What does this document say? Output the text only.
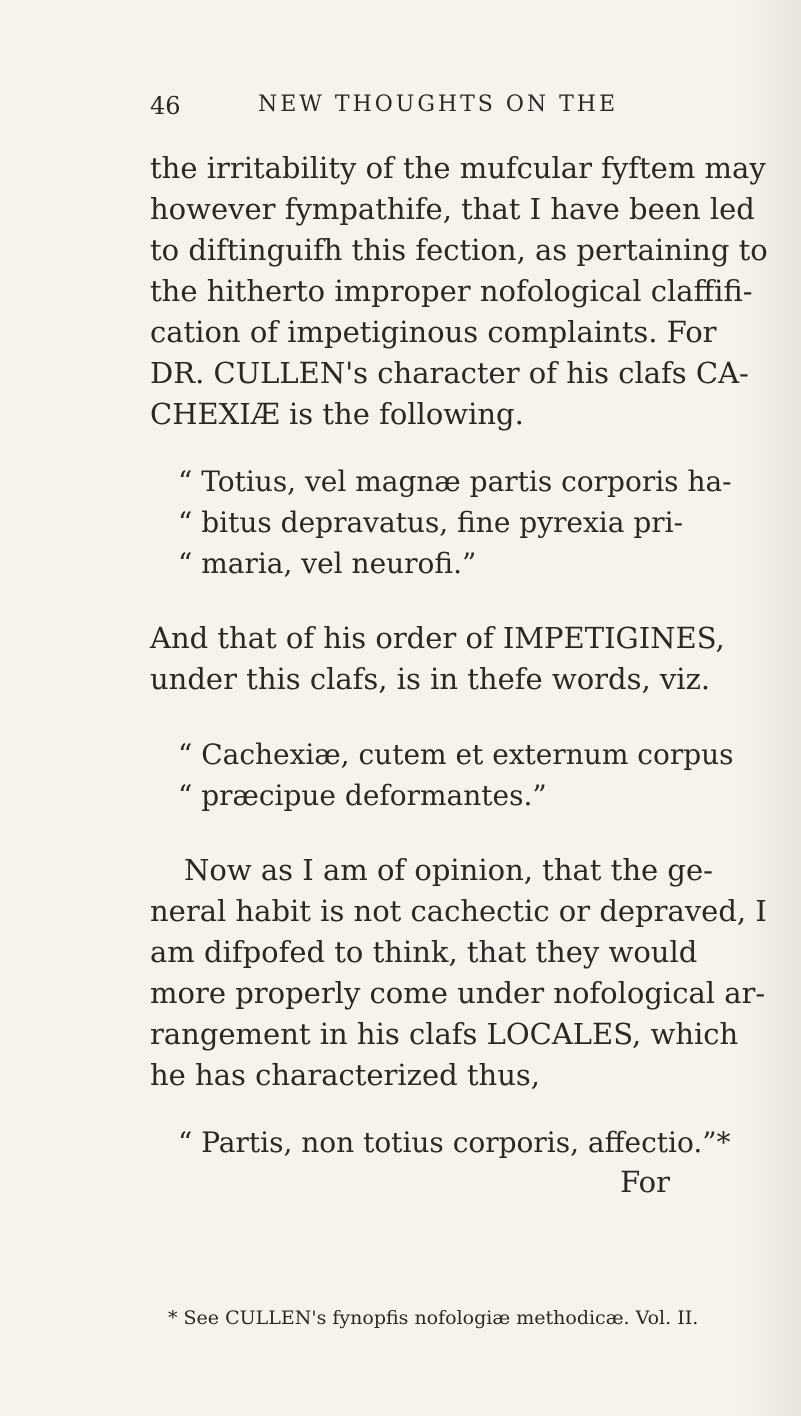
46	NEW THOUGHTS ON THE
the irritability of the mufcular fyftem may
however fympathife, that I have been led
to diftinguifh this fection, as pertaining to
the hitherto improper nofological claffifi-
cation of impetiginous complaints. For
DR. CULLEN's character of his clafs CA-
CHEXIÆ is the following.
“ Totius, vel magnæ partis corporis ha-
“ bitus depravatus, fine pyrexia pri-
“ maria, vel neurofi.”
And that of his order of IMPETIGINES,
under this clafs, is in thefe words, viz.
“ Cachexiæ, cutem et externum corpus
“ præcipue deformantes.”
Now as I am of opinion, that the ge-
neral habit is not cachectic or depraved, I
am difpofed to think, that they would
more properly come under nofological ar-
rangement in his clafs LOCALES, which
he has characterized thus,
“ Partis, non totius corporis, affectio.”*
For
* See CULLEN's fynopfis nofologiæ methodicæ. Vol. II.
